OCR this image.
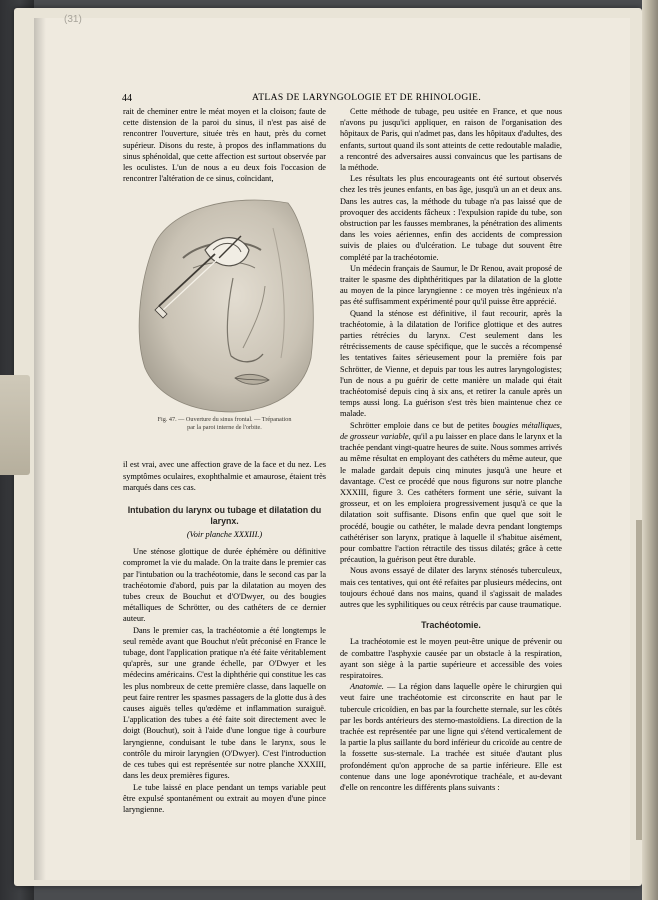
(31)
44	ATLAS DE LARYNGOLOGIE ET DE RHINOLOGIE.

rait de cheminer entre le méat moyen et la cloison; faute de cette distension de la paroi du sinus, il n'est pas aisé de rencontrer l'ouverture, située très en haut, près du cornet supérieur. Disons du reste, à propos des inflammations du sinus sphénoïdal, que cette affection est surtout observée par les oculistes. L'un de nous a eu deux fois l'occasion de rencontrer l'altération de ce sinus, coïncidant,

Fig. 47. — Ouverture du sinus frontal. — Trépanation
par la paroi interne de l'orbite.

il est vrai, avec une affection grave de la face et du nez. Les symptômes oculaires, exophthalmie et amaurose, étaient très marqués dans ces cas.

Intubation du larynx ou tubage et dilatation du larynx.
(Voir planche XXXIII.)

Une sténose glottique de durée éphémère ou définitive compromet la vie du malade. On la traite dans le premier cas par l'intubation ou la trachéotomie, dans le second cas par la trachéotomie d'abord, puis par la dilatation au moyen des tubes creux de Bouchut et d'O'Dwyer, ou des bougies métalliques de Schrötter, ou des cathéters de ce dernier auteur.

Dans le premier cas, la trachéotomie a été longtemps le seul remède avant que Bouchut n'eût préconisé en France le tubage, dont l'application pratique n'a été faite véritablement qu'après, sur une grande échelle, par O'Dwyer et les médecins américains. C'est la diphthérie qui constitue les cas les plus nombreux de cette première classe, dans laquelle on peut faire rentrer les spasmes passagers de la glotte dus à des causes aiguës telles qu'œdème et inflammation suraiguë. L'application des tubes a été faite soit directement avec le doigt (Bouchut), soit à l'aide d'une longue tige à courbure laryngienne, conduisant le tube dans le larynx, sous le contrôle du miroir laryngien (O'Dwyer). C'est l'introduction de ces tubes qui est représentée sur notre planche XXXIII, dans les deux premières figures.

Le tube laissé en place pendant un temps variable peut être expulsé spontanément ou extrait au moyen d'une pince laryngienne.

Cette méthode de tubage, peu usitée en France, et que nous n'avons pu jusqu'ici appliquer, en raison de l'organisation des hôpitaux de Paris, qui n'admet pas, dans les hôpitaux d'adultes, des enfants, surtout quand ils sont atteints de cette redoutable maladie, a rencontré des adversaires aussi convaincus que les partisans de la méthode.

Les résultats les plus encourageants ont été surtout observés chez les très jeunes enfants, en bas âge, jusqu'à un an et deux ans. Dans les autres cas, la méthode du tubage n'a pas laissé que de provoquer des accidents fâcheux : l'expulsion rapide du tube, son obstruction par les fausses membranes, la pénétration des aliments dans les voies aériennes, enfin des accidents de compression suivis de plaies ou d'ulcération. Le tubage dut souvent être complété par la trachéotomie.

Un médecin français de Saumur, le Dr Renou, avait proposé de traiter le spasme des diphthéritiques par la dilatation de la glotte au moyen de la pince laryngienne : ce moyen très ingénieux n'a pas été suffisamment expérimenté pour qu'il puisse être apprécié.

Quand la sténose est définitive, il faut recourir, après la trachéotomie, à la dilatation de l'orifice glottique et des autres parties rétrécies du larynx. C'est seulement dans les rétrécissements de cause spécifique, que le succès a récompensé les tentatives faites sérieusement pour la première fois par Schrötter, de Vienne, et depuis par tous les autres laryngologistes; l'un de nous a pu guérir de cette manière un malade qui était trachéotomisé depuis cinq à six ans, et retirer la canule après un temps aussi long. La guérison s'est très bien maintenue chez ce malade.

Schrötter emploie dans ce but de petites bougies métalliques, de grosseur variable, qu'il a pu laisser en place dans le larynx et la trachée pendant vingt-quatre heures de suite. Nous sommes arrivés au même résultat en employant des cathéters du même auteur, que le malade gardait depuis cinq minutes jusqu'à une heure et davantage. C'est ce procédé que nous figurons sur notre planche XXXIII, figure 3. Ces cathéters forment une série, suivant la grosseur, et on les emploiera progressivement jusqu'à ce que la dilatation soit suffisante. Disons enfin que quel que soit le procédé, bougie ou cathéter, le malade devra pendant longtemps cathétériser son larynx, pratique à laquelle il s'habitue aisément, pour combattre l'action rétractile des tissus dilatés; grâce à cette précaution, la guérison peut être durable.

Nous avons essayé de dilater des larynx sténosés tuberculeux, mais ces tentatives, qui ont été refaites par plusieurs médecins, ont toujours échoué dans nos mains, quand il s'agissait de malades autres que les syphilitiques ou ceux rétrécis par cause traumatique.

Trachéotomie.

La trachéotomie est le moyen peut-être unique de prévenir ou de combattre l'asphyxie causée par un obstacle à la respiration, ayant son siège à la partie supérieure et accessible des voies respiratoires.

Anatomie. — La région dans laquelle opère le chirurgien qui veut faire une trachéotomie est circonscrite en haut par le tubercule cricoïdien, en bas par la fourchette sternale, sur les côtés par les bords antérieurs des sterno-mastoïdiens. La direction de la trachée est représentée par une ligne qui s'étend verticalement de la partie la plus saillante du bord inférieur du cricoïde au centre de la fossette sus-sternale. La trachée est située d'autant plus profondément qu'on approche de sa partie inférieure. Elle est contenue dans une loge aponévrotique trachéale, et au-devant d'elle on rencontre les différents plans suivants :
